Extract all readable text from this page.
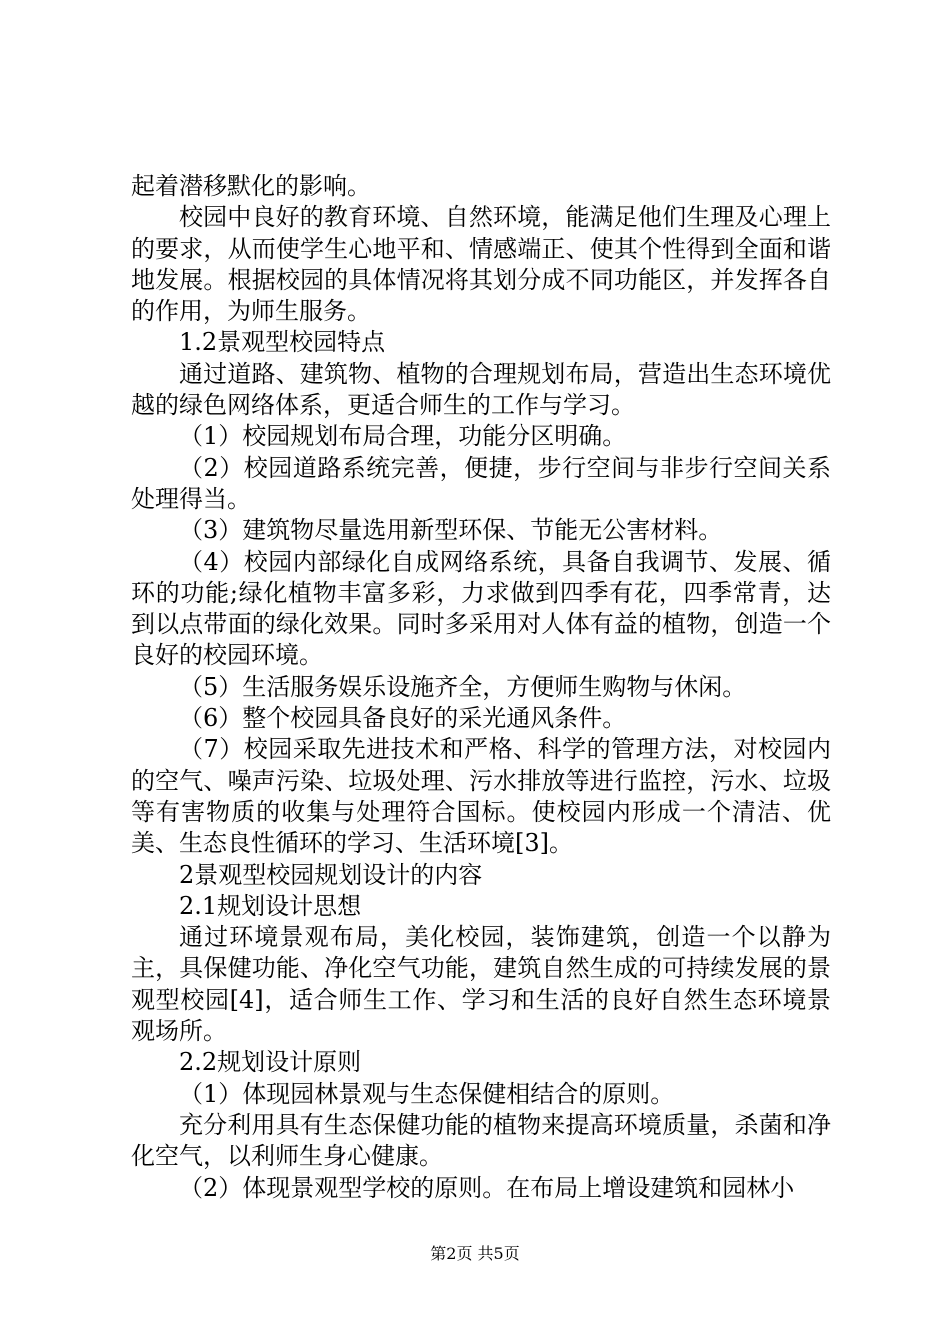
起着潜移默化的影响。

校园中良好的教育环境、自然环境，能满足他们生理及心理上的要求，从而使学生心地平和、情感端正、使其个性得到全面和谐地发展。根据校园的具体情况将其划分成不同功能区，并发挥各自的作用，为师生服务。

1.2景观型校园特点

通过道路、建筑物、植物的合理规划布局，营造出生态环境优越的绿色网络体系，更适合师生的工作与学习。

（1）校园规划布局合理，功能分区明确。

（2）校园道路系统完善，便捷，步行空间与非步行空间关系处理得当。

（3）建筑物尽量选用新型环保、节能无公害材料。

（4）校园内部绿化自成网络系统，具备自我调节、发展、循环的功能;绿化植物丰富多彩，力求做到四季有花，四季常青，达到以点带面的绿化效果。同时多采用对人体有益的植物，创造一个良好的校园环境。

（5）生活服务娱乐设施齐全，方便师生购物与休闲。

（6）整个校园具备良好的采光通风条件。

（7）校园采取先进技术和严格、科学的管理方法，对校园内的空气、噪声污染、垃圾处理、污水排放等进行监控，污水、垃圾等有害物质的收集与处理符合国标。使校园内形成一个清洁、优美、生态良性循环的学习、生活环境[3]。

2景观型校园规划设计的内容

2.1规划设计思想

通过环境景观布局，美化校园，装饰建筑，创造一个以静为主，具保健功能、净化空气功能，建筑自然生成的可持续发展的景观型校园[4]，适合师生工作、学习和生活的良好自然生态环境景观场所。

2.2规划设计原则

（1）体现园林景观与生态保健相结合的原则。

充分利用具有生态保健功能的植物来提高环境质量，杀菌和净化空气，以利师生身心健康。

（2）体现景观型学校的原则。在布局上增设建筑和园林小

第2页 共5页
